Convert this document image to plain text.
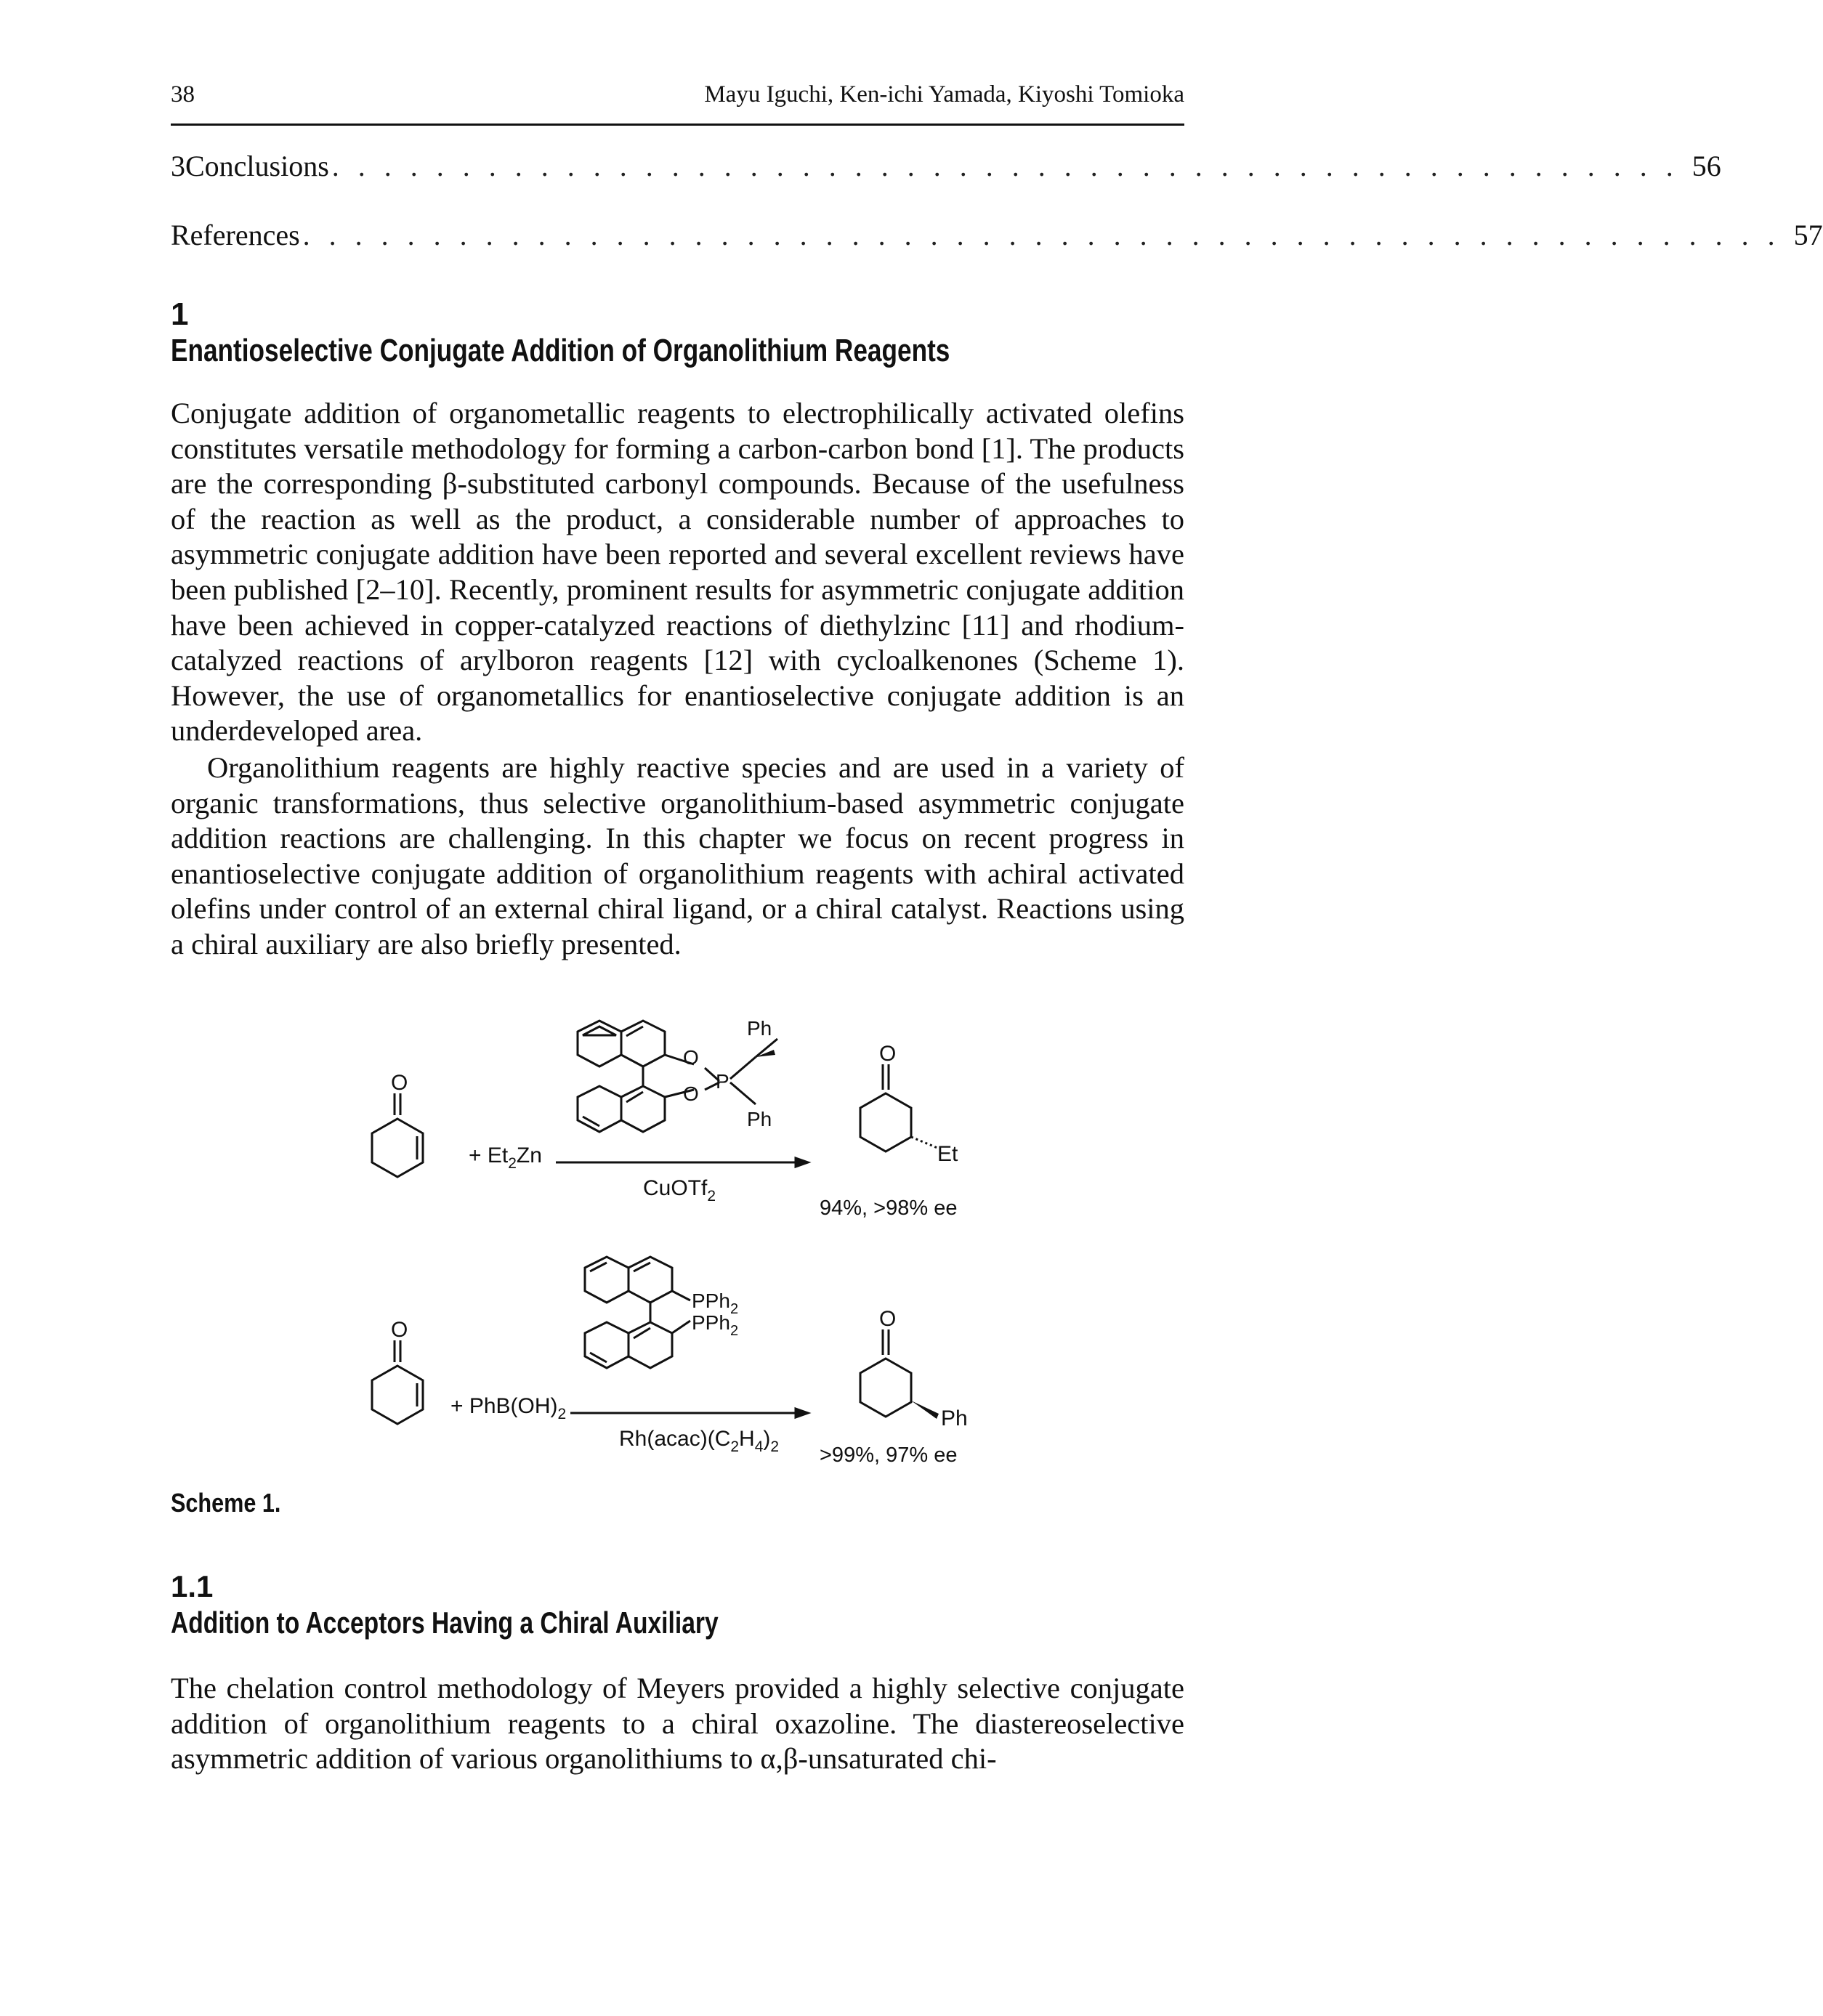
38	Mayu Iguchi, Ken-ichi Yamada, Kiyoshi Tomioka
3 Conclusions . . . . . . . . . . . . . . . . . . . . . . . . . . . . . . . . . . . . . . . . . . . . . . . . . . . . 56
References . . . . . . . . . . . . . . . . . . . . . . . . . . . . . . . . . . . . . . . . . . . . . . . . . . . . . . . . . 57
1
Enantioselective Conjugate Addition of Organolithium Reagents

Conjugate addition of organometallic reagents to electrophilically activated olefins constitutes versatile methodology for forming a carbon-carbon bond [1]. The products are the corresponding β-substituted carbonyl compounds. Because of the usefulness of the reaction as well as the product, a considerable number of approaches to asymmetric conjugate addition have been reported and several excellent reviews have been published [2–10]. Recently, prominent results for asymmetric conjugate addition have been achieved in copper-catalyzed reactions of diethylzinc [11] and rhodium-catalyzed reactions of arylboron reagents [12] with cycloalkenones (Scheme 1). However, the use of organometallics for enantioselective conjugate addition is an underdeveloped area.

Organolithium reagents are highly reactive species and are used in a variety of organic transformations, thus selective organolithium-based asymmetric conjugate addition reactions are challenging. In this chapter we focus on recent progress in enantioselective conjugate addition of organolithium reagents with achiral activated olefins under control of an external chiral ligand, or a chiral catalyst. Reactions using a chiral auxiliary are also briefly presented.

O
+ $Et_2Zn$
CuOTf$_2$
O
O
P
Ph
Ph
O
Et
94%, >98% ee
O
+ $PhB(OH)_2$
$Rh(acac)(C_2H_4)_2$
PPh$_2$
PPh$_2$	O
Ph
>99%, 97% ee
Scheme 1.
1.1
Addition to Acceptors Having a Chiral Auxiliary

The chelation control methodology of Meyers provided a highly selective conjugate addition of organolithium reagents to a chiral oxazoline. The diastereoselective asymmetric addition of various organolithiums to α,β-unsaturated chi-
